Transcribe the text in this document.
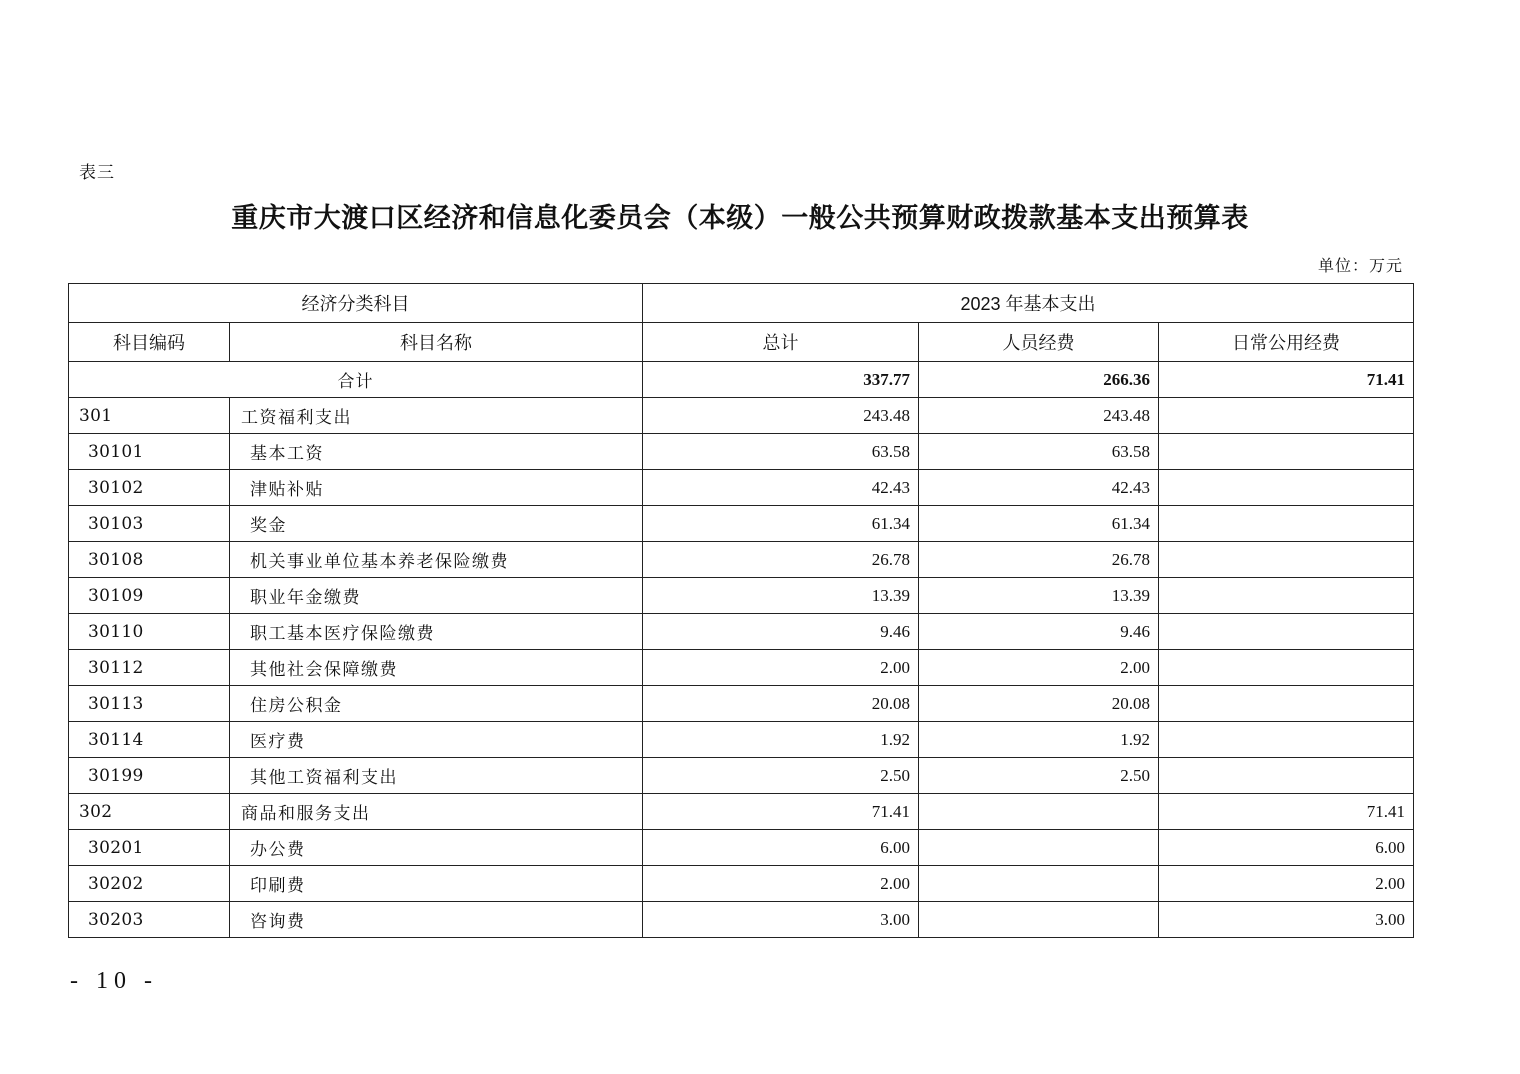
表三
重庆市大渡口区经济和信息化委员会（本级）一般公共预算财政拨款基本支出预算表
单位：万元
经济分类科目		2023 年基本支出		
科目编码	科目名称	总计	人员经费	日常公用经费
合计		337.77	266.36	71.41
301	工资福利支出	243.48	243.48	
30101	基本工资	63.58	63.58	
30102	津贴补贴	42.43	42.43	
30103	奖金	61.34	61.34	
30108	机关事业单位基本养老保险缴费	26.78	26.78	
30109	职业年金缴费	13.39	13.39	
30110	职工基本医疗保险缴费	9.46	9.46	
30112	其他社会保障缴费	2.00	2.00	
30113	住房公积金	20.08	20.08	
30114	医疗费	1.92	1.92	
30199	其他工资福利支出	2.50	2.50	
302	商品和服务支出	71.41		71.41
30201	办公费	6.00		6.00
30202	印刷费	2.00		2.00
30203	咨询费	3.00		3.00
- 10 -
